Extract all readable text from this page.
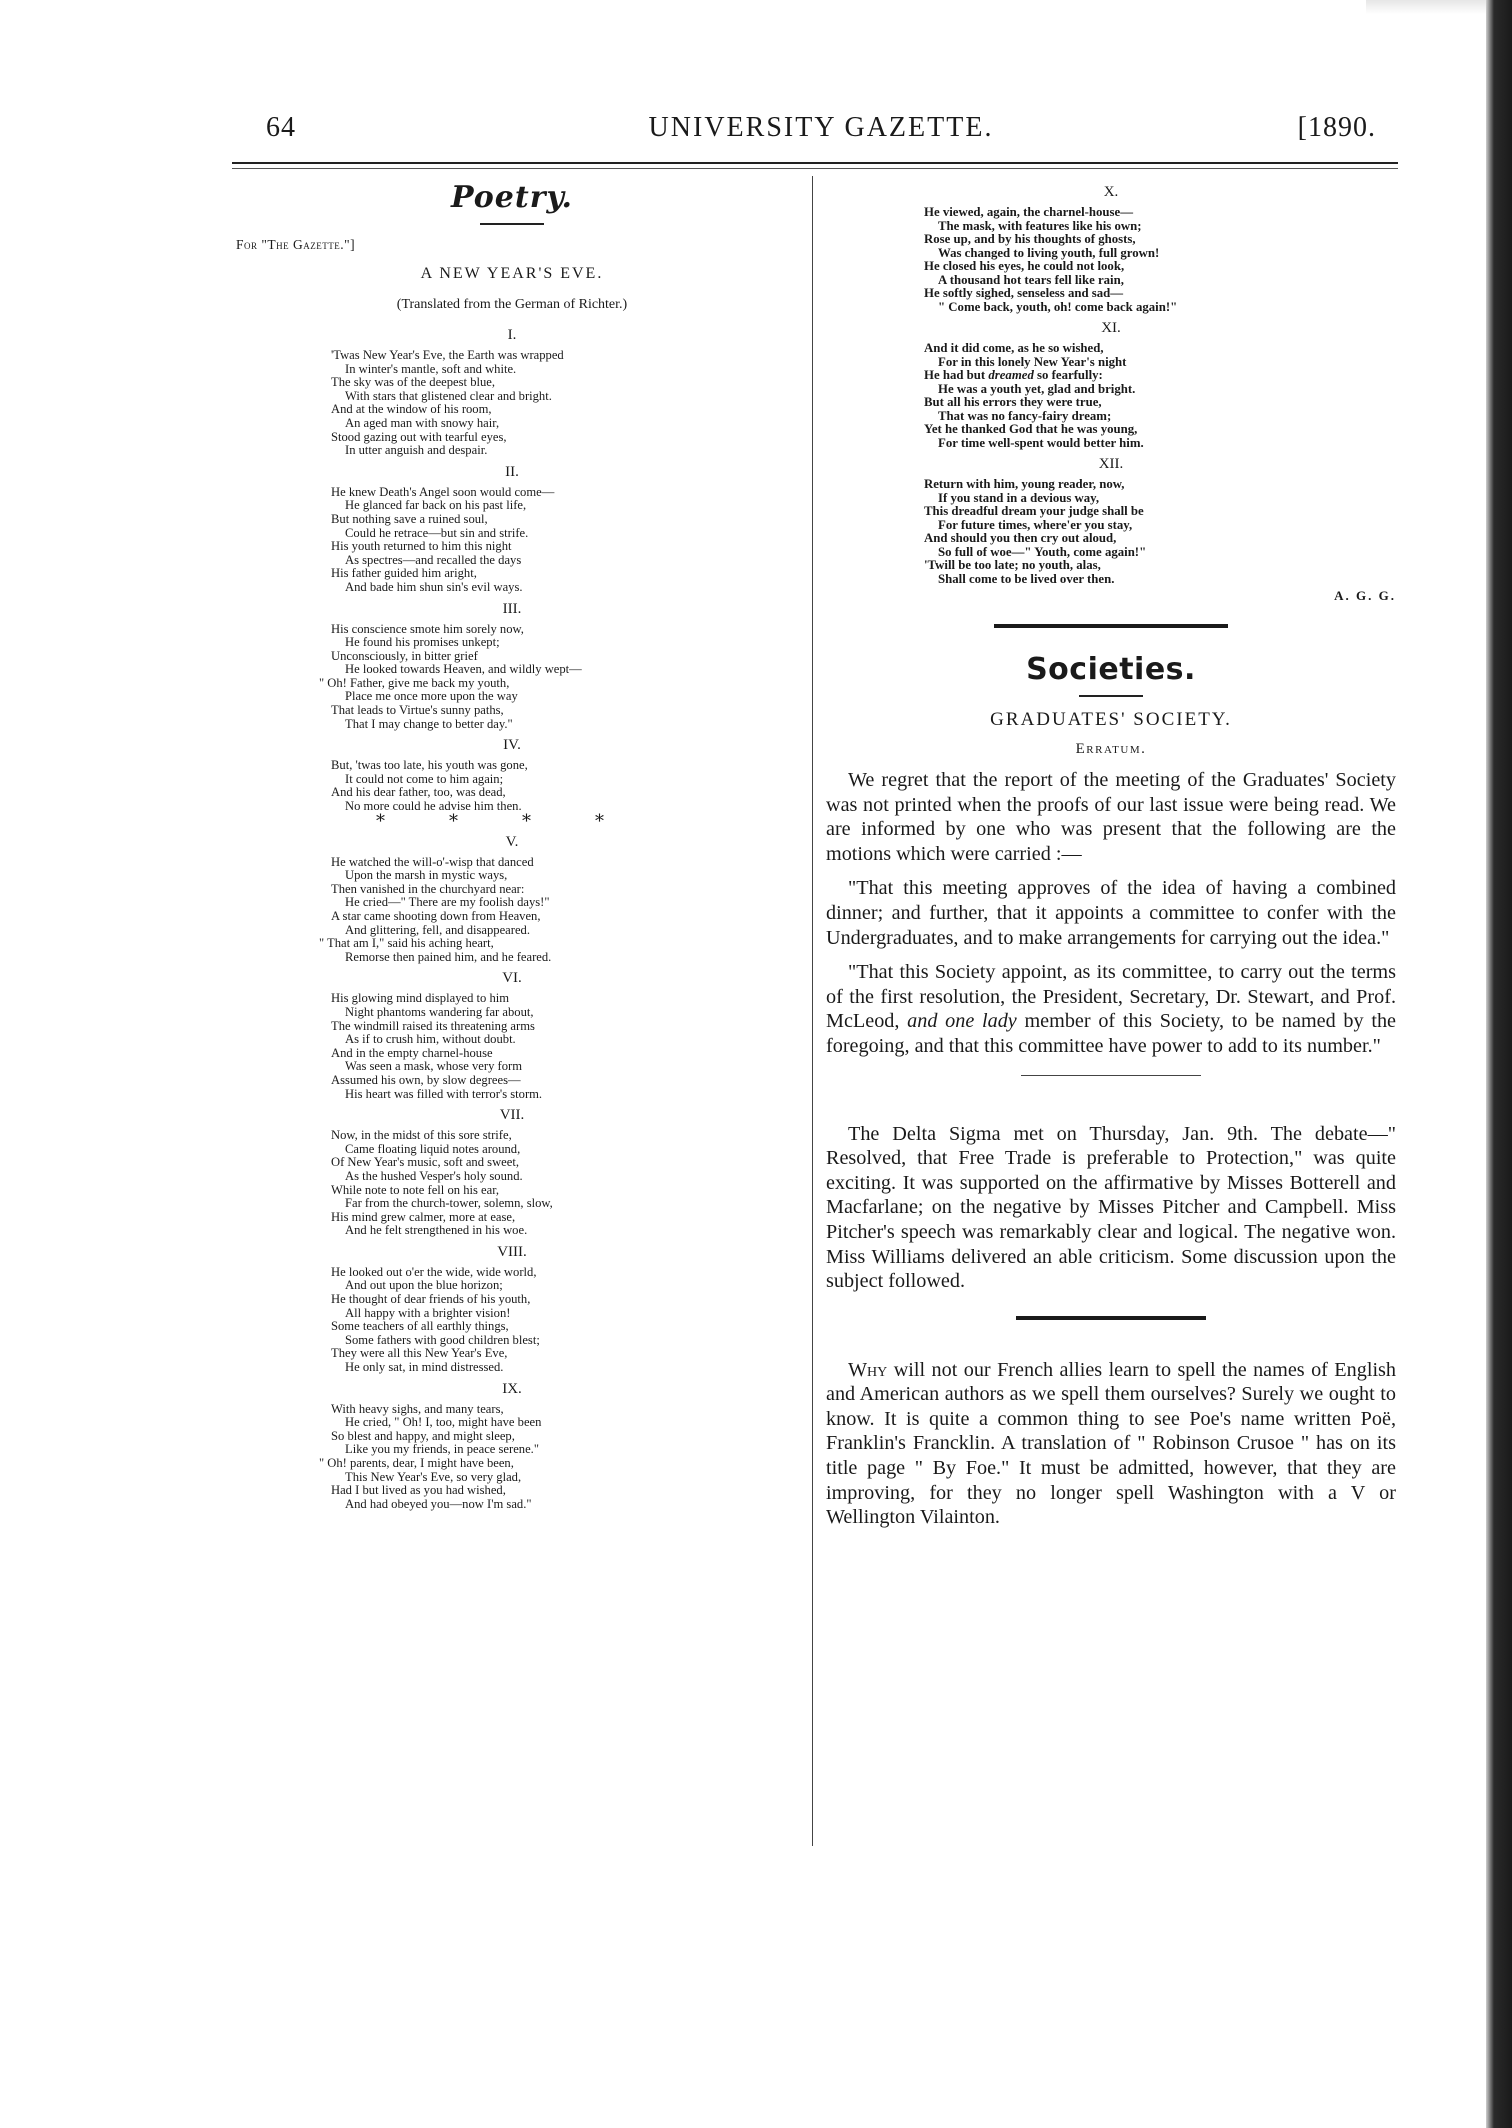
64	UNIVERSITY GAZETTE.	[1890.
Poetry.
For "The Gazette."]
A NEW YEAR'S EVE.
(Translated from the German of Richter.)
I.
'Twas New Year's Eve, the Earth was wrapped
In winter's mantle, soft and white.
The sky was of the deepest blue,
With stars that glistened clear and bright.
And at the window of his room,
An aged man with snowy hair,
Stood gazing out with tearful eyes,
In utter anguish and despair.
II.
He knew Death's Angel soon would come—
He glanced far back on his past life,
But nothing save a ruined soul,
Could he retrace—but sin and strife.
His youth returned to him this night
As spectres—and recalled the days
His father guided him aright,
And bade him shun sin's evil ways.
III.
His conscience smote him sorely now,
He found his promises unkept;
Unconsciously, in bitter grief
He looked towards Heaven, and wildly wept—
" Oh! Father, give me back my youth,
Place me once more upon the way
That leads to Virtue's sunny paths,
That I may change to better day."
IV.
But, 'twas too late, his youth was gone,
It could not come to him again;
And his dear father, too, was dead,
No more could he advise him then.
****
V.
He watched the will-o'-wisp that danced
Upon the marsh in mystic ways,
Then vanished in the churchyard near:
He cried—" There are my foolish days!"
A star came shooting down from Heaven,
And glittering, fell, and disappeared.
" That am I," said his aching heart,
Remorse then pained him, and he feared.
VI.
His glowing mind displayed to him
Night phantoms wandering far about,
The windmill raised its threatening arms
As if to crush him, without doubt.
And in the empty charnel-house
Was seen a mask, whose very form
Assumed his own, by slow degrees—
His heart was filled with terror's storm.
VII.
Now, in the midst of this sore strife,
Came floating liquid notes around,
Of New Year's music, soft and sweet,
As the hushed Vesper's holy sound.
While note to note fell on his ear,
Far from the church-tower, solemn, slow,
His mind grew calmer, more at ease,
And he felt strengthened in his woe.
VIII.
He looked out o'er the wide, wide world,
And out upon the blue horizon;
He thought of dear friends of his youth,
All happy with a brighter vision!
Some teachers of all earthly things,
Some fathers with good children blest;
They were all this New Year's Eve,
He only sat, in mind distressed.
IX.
With heavy sighs, and many tears,
He cried, " Oh! I, too, might have been
So blest and happy, and might sleep,
Like you my friends, in peace serene."
" Oh! parents, dear, I might have been,
This New Year's Eve, so very glad,
Had I but lived as you had wished,
And had obeyed you—now I'm sad."
X.
He viewed, again, the charnel-house—
The mask, with features like his own;
Rose up, and by his thoughts of ghosts,
Was changed to living youth, full grown!
He closed his eyes, he could not look,
A thousand hot tears fell like rain,
He softly sighed, senseless and sad—
" Come back, youth, oh! come back again!"
XI.
And it did come, as he so wished,
For in this lonely New Year's night
He had but dreamed so fearfully:
He was a youth yet, glad and bright.
But all his errors they were true,
That was no fancy-fairy dream;
Yet he thanked God that he was young,
For time well-spent would better him.
XII.
Return with him, young reader, now,
If you stand in a devious way,
This dreadful dream your judge shall be
For future times, where'er you stay,
And should you then cry out aloud,
So full of woe—" Youth, come again!"
'Twill be too late; no youth, alas,
Shall come to be lived over then.
A. G. G.
Societies.
GRADUATES' SOCIETY.
Erratum.

We regret that the report of the meeting of the Graduates' Society was not printed when the proofs of our last issue were being read. We are informed by one who was present that the following are the motions which were carried :—

"That this meeting approves of the idea of having a combined dinner; and further, that it appoints a committee to confer with the Undergraduates, and to make arrangements for carrying out the idea."

"That this Society appoint, as its committee, to carry out the terms of the first resolution, the President, Secretary, Dr. Stewart, and Prof. McLeod, and one lady member of this Society, to be named by the foregoing, and that this committee have power to add to its number."

The Delta Sigma met on Thursday, Jan. 9th. The debate—" Resolved, that Free Trade is preferable to Protection," was quite exciting. It was supported on the affirmative by Misses Botterell and Macfarlane; on the negative by Misses Pitcher and Campbell. Miss Pitcher's speech was remarkably clear and logical. The negative won. Miss Williams delivered an able criticism. Some discussion upon the subject followed.

Why will not our French allies learn to spell the names of English and American authors as we spell them ourselves? Surely we ought to know. It is quite a common thing to see Poe's name written Poë, Franklin's Francklin. A translation of " Robinson Crusoe " has on its title page " By Foe." It must be admitted, however, that they are improving, for they no longer spell Washington with a V or Wellington Vilainton.
